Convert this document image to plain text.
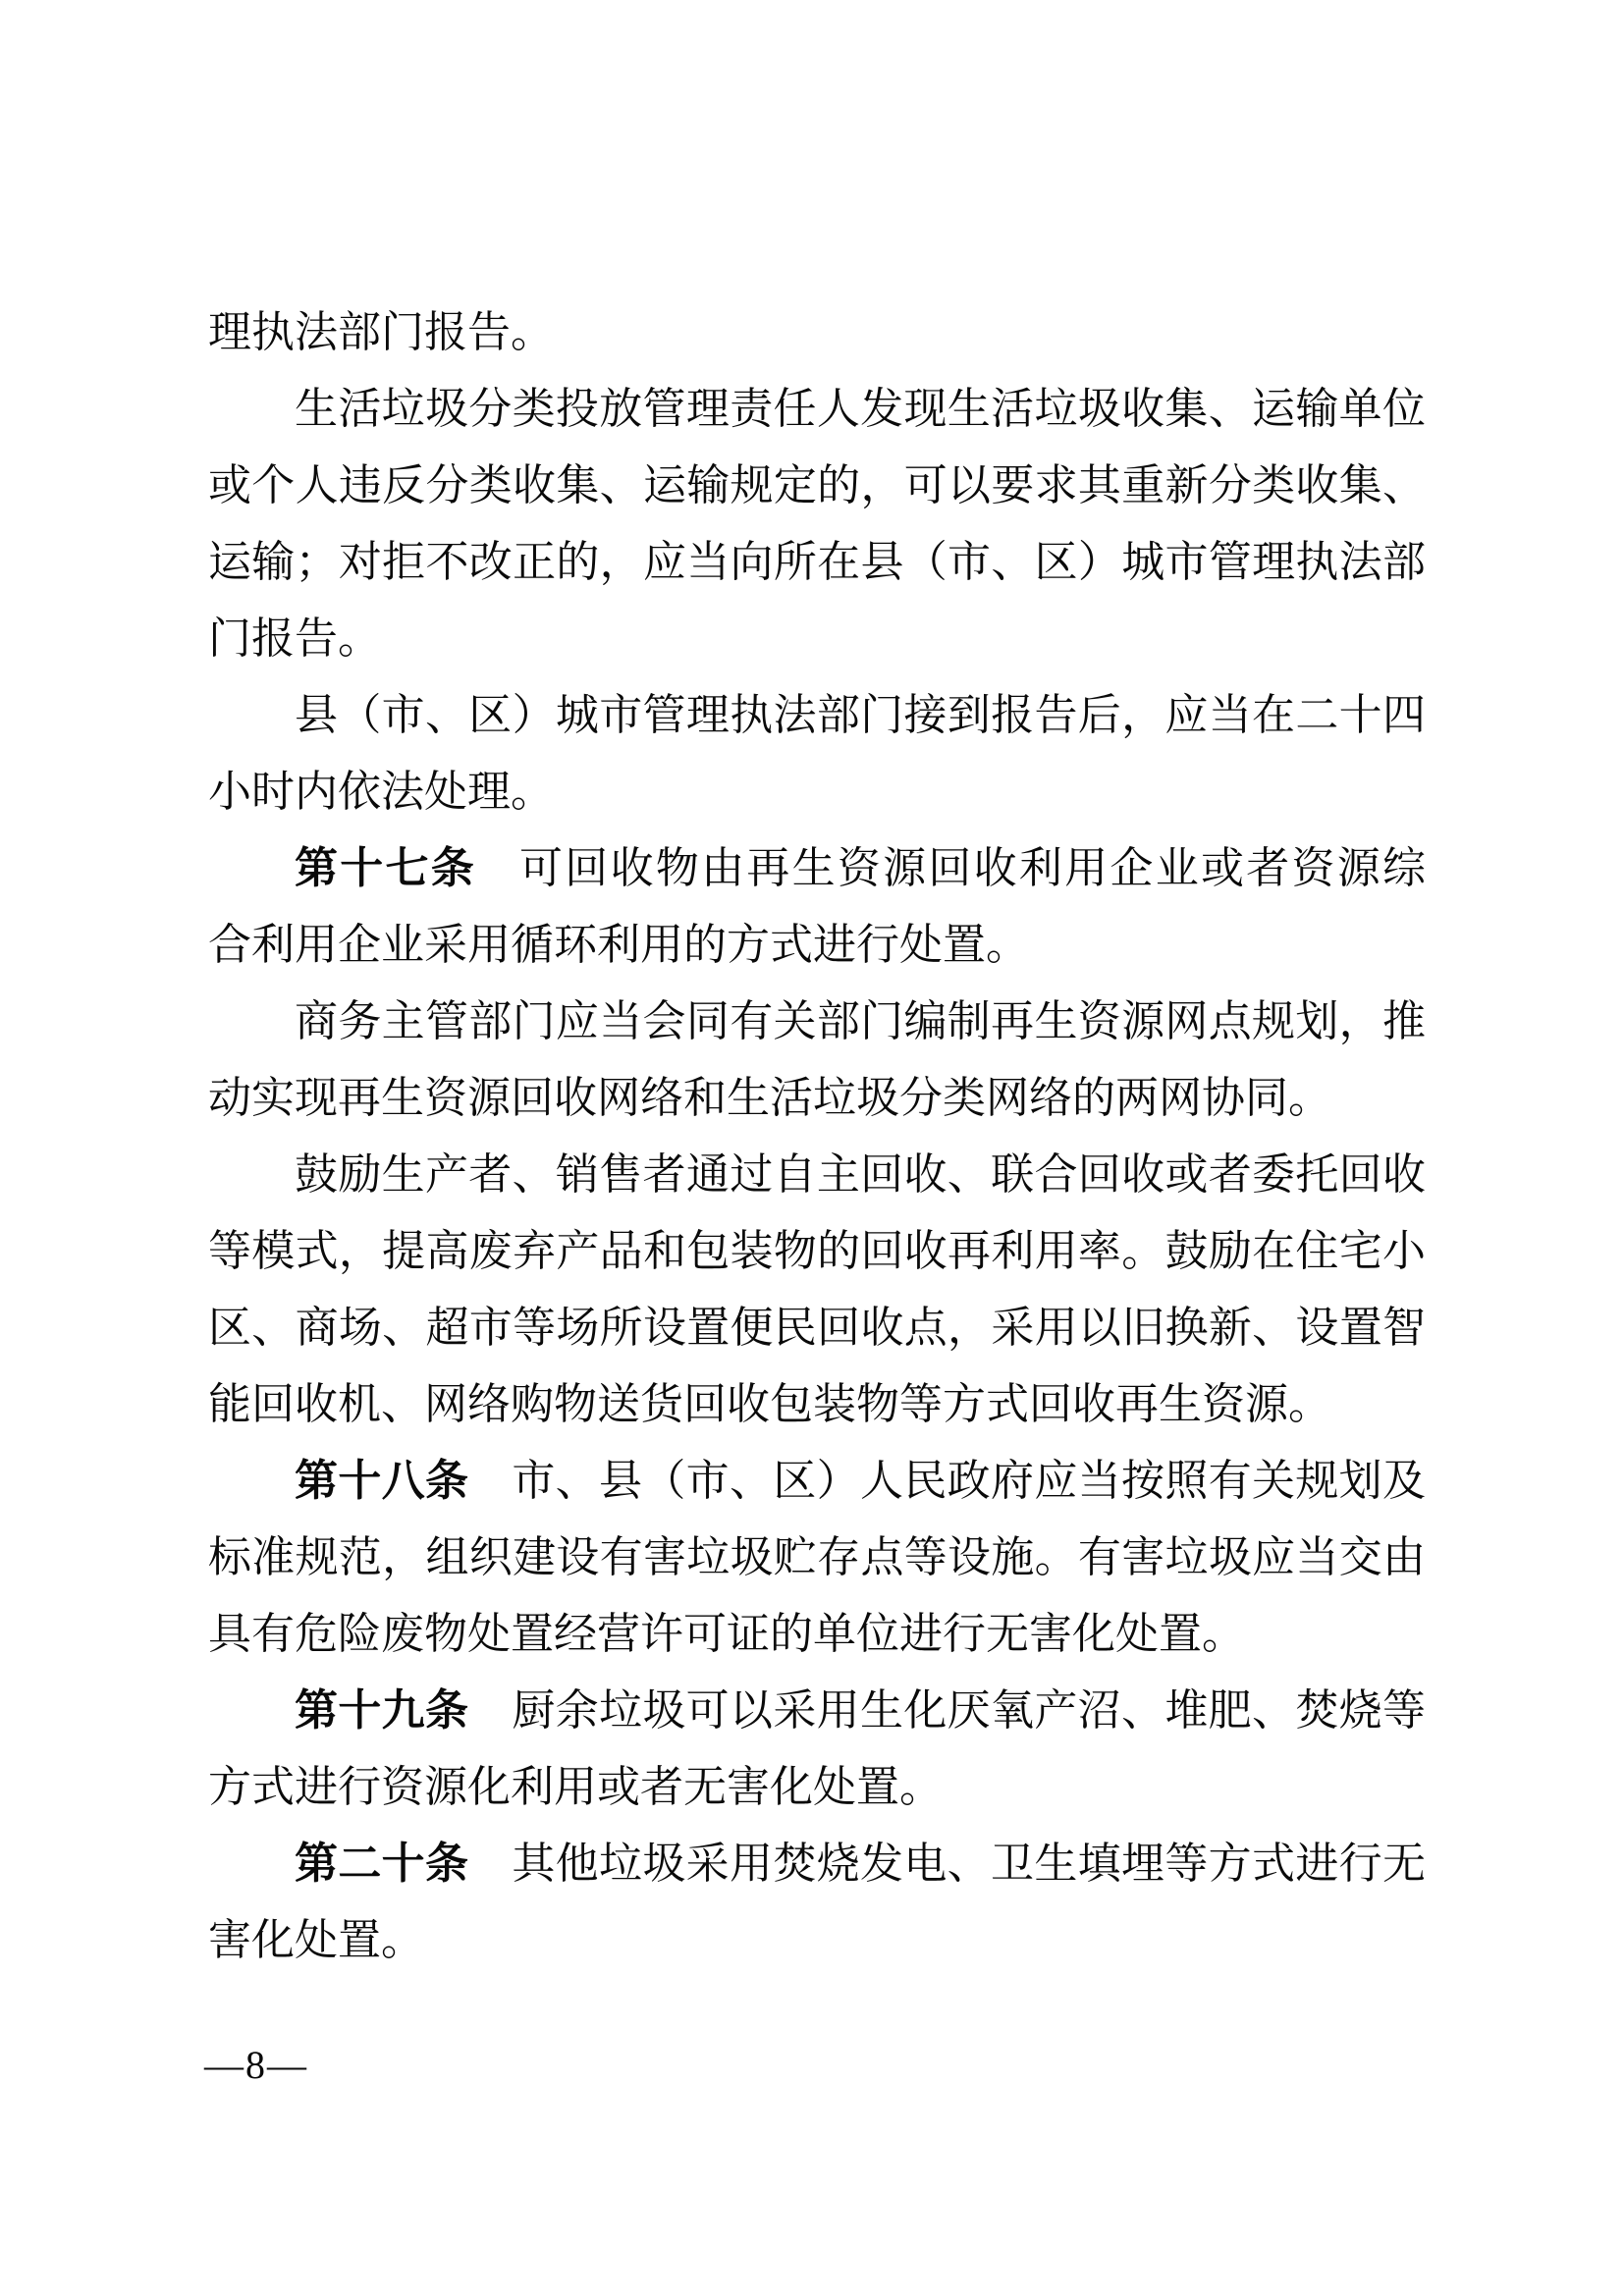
理执法部门报告。
生活垃圾分类投放管理责任人发现生活垃圾收集、运输单位
或个人违反分类收集、运输规定的，可以要求其重新分类收集、
运输；对拒不改正的，应当向所在县（市、区）城市管理执法部
门报告。
县（市、区）城市管理执法部门接到报告后，应当在二十四
小时内依法处理。
第十七条 可回收物由再生资源回收利用企业或者资源综
合利用企业采用循环利用的方式进行处置。
商务主管部门应当会同有关部门编制再生资源网点规划，推
动实现再生资源回收网络和生活垃圾分类网络的两网协同。
鼓励生产者、销售者通过自主回收、联合回收或者委托回收
等模式，提高废弃产品和包装物的回收再利用率。鼓励在住宅小
区、商场、超市等场所设置便民回收点，采用以旧换新、设置智
能回收机、网络购物送货回收包装物等方式回收再生资源。
第十八条 市、县（市、区）人民政府应当按照有关规划及
标准规范，组织建设有害垃圾贮存点等设施。有害垃圾应当交由
具有危险废物处置经营许可证的单位进行无害化处置。
第十九条 厨余垃圾可以采用生化厌氧产沼、堆肥、焚烧等
方式进行资源化利用或者无害化处置。
第二十条 其他垃圾采用焚烧发电、卫生填埋等方式进行无
害化处置。
—8—
